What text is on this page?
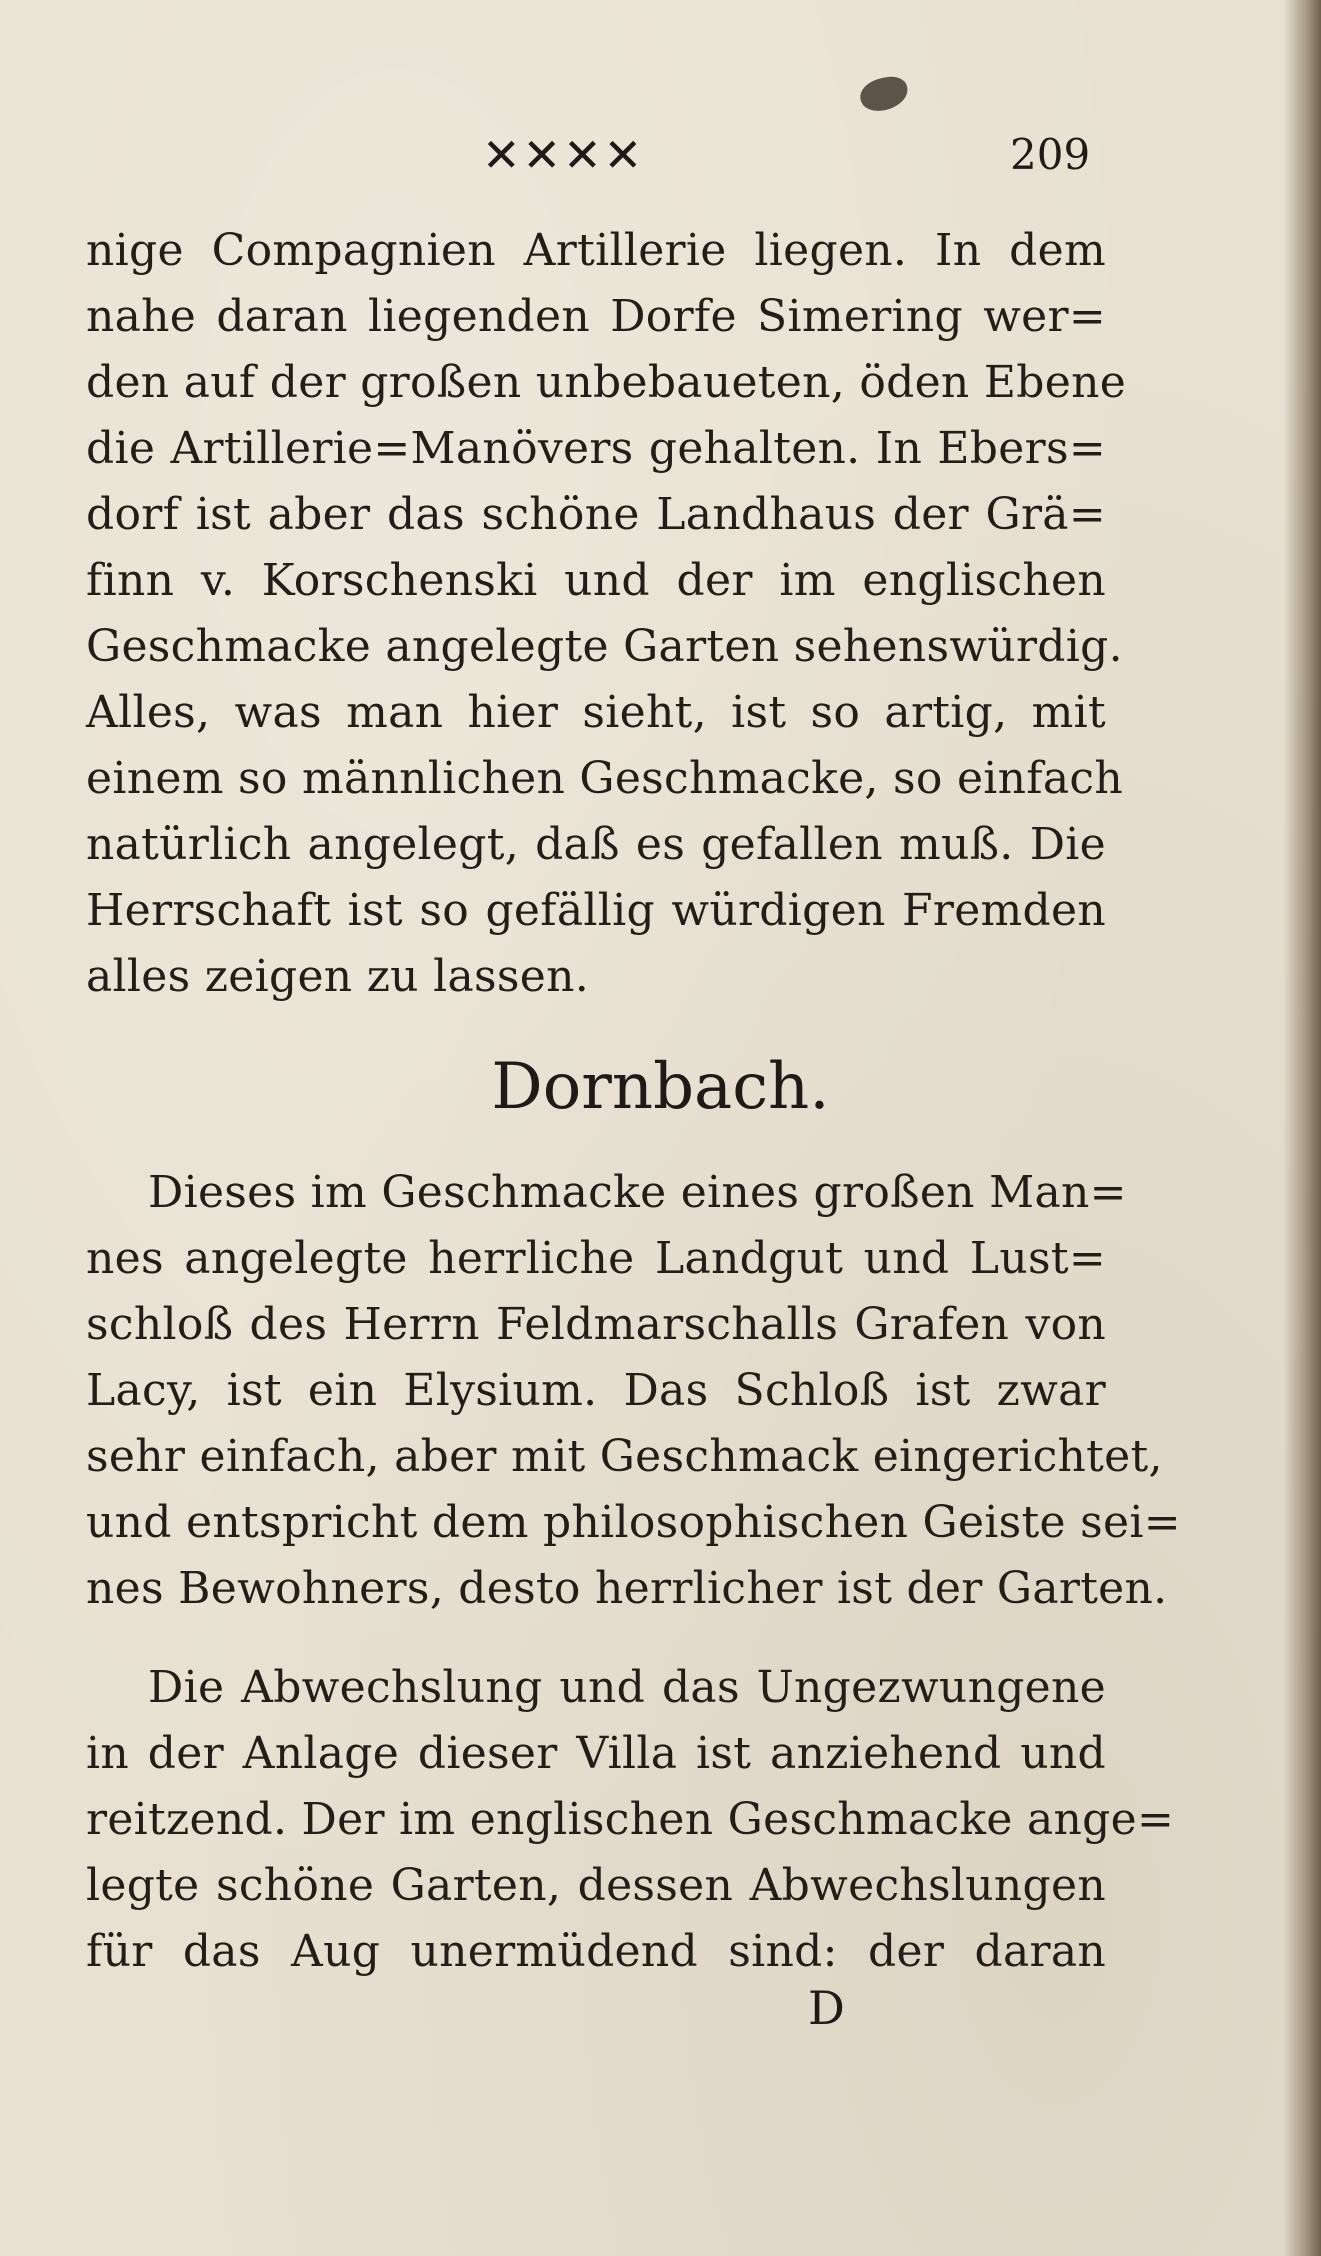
✕✕✕✕	209
nige Compagnien Artillerie liegen. In dem
nahe daran liegenden Dorfe Simering wer=
den auf der großen unbebaueten, öden Ebene
die Artillerie=Manövers gehalten. In Ebers=
dorf ist aber das schöne Landhaus der Grä=
finn v. Korschenski und der im englischen
Geschmacke angelegte Garten sehenswürdig.
Alles, was man hier sieht, ist so artig, mit
einem so männlichen Geschmacke, so einfach
natürlich angelegt, daß es gefallen muß. Die
Herrschaft ist so gefällig würdigen Fremden
alles zeigen zu lassen.
Dornbach.
Dieses im Geschmacke eines großen Man=
nes angelegte herrliche Landgut und Lust=
schloß des Herrn Feldmarschalls Grafen von
Lacy, ist ein Elysium. Das Schloß ist zwar
sehr einfach, aber mit Geschmack eingerichtet,
und entspricht dem philosophischen Geiste sei=
nes Bewohners, desto herrlicher ist der Garten.
Die Abwechslung und das Ungezwungene
in der Anlage dieser Villa ist anziehend und
reitzend. Der im englischen Geschmacke ange=
legte schöne Garten, dessen Abwechslungen
für das Aug unermüdend sind: der daran
D
